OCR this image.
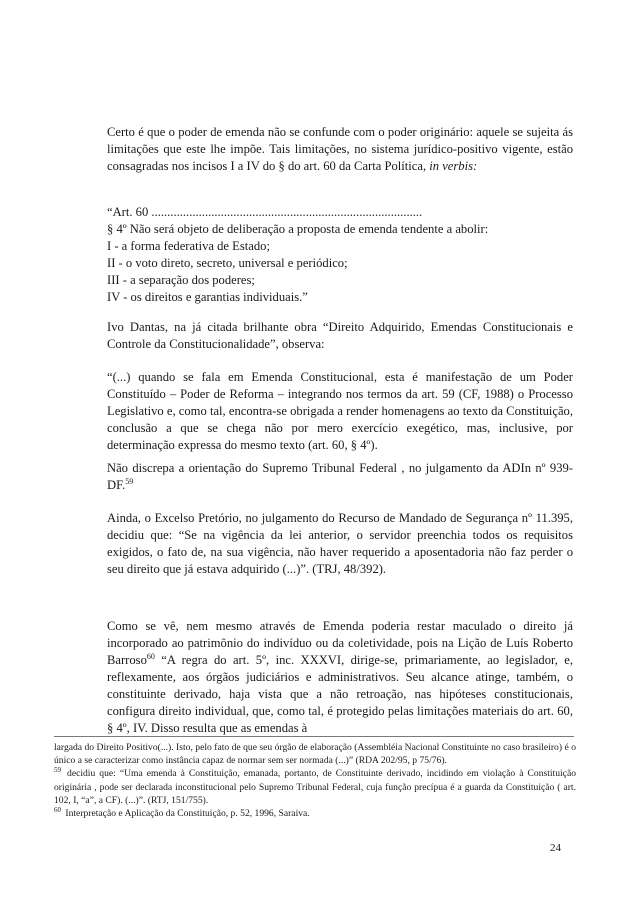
Certo é que o poder de emenda não se confunde com o poder originário: aquele se sujeita ás limitações que este lhe impõe. Tais limitações, no sistema jurídico-positivo vigente, estão consagradas nos incisos I a IV do § do art. 60 da Carta Política, in verbis:

“Art. 60 ......................................................................................
§ 4º Não será objeto de deliberação a proposta de emenda tendente a abolir:
I - a forma federativa de Estado;
II - o voto direto, secreto, universal e periódico;
III - a separação dos poderes;
IV - os direitos e garantias individuais.”

Ivo Dantas, na já citada brilhante obra “Direito Adquirido, Emendas Constitucionais e Controle da Constitucionalidade”, observa:

“(...) quando se fala em Emenda Constitucional, esta é manifestação de um Poder Constituído – Poder de Reforma – integrando nos termos da art. 59 (CF, 1988) o Processo Legislativo e, como tal, encontra-se obrigada a render homenagens ao texto da Constituição, conclusão a que se chega não por mero exercício exegético, mas, inclusive, por determinação expressa do mesmo texto (art. 60, § 4º).

Não discrepa a orientação do Supremo Tribunal Federal , no julgamento da ADIn nº 939-DF.$^{59}$

Ainda, o Excelso Pretório, no julgamento do Recurso de Mandado de Segurança nº 11.395, decidiu que: “Se na vigência da lei anterior, o servidor preenchia todos os requisitos exigidos, o fato de, na sua vigência, não haver requerido a aposentadoria não faz perder o seu direito que já estava adquirido (...)”. (TRJ, 48/392).

Como se vê, nem mesmo através de Emenda poderia restar maculado o direito já incorporado ao patrimônio do indivíduo ou da coletividade, pois na Lição de Luís Roberto Barroso$^{60}$ “A regra do art. 5º, inc. XXXVI, dirige-se, primariamente, ao legislador, e, reflexamente, aos órgãos judiciários e administrativos. Seu alcance atinge, também, o constituinte derivado, haja vista que a não retroação, nas hipóteses constitucionais, configura direito individual, que, como tal, é protegido pelas limitações materiais do art. 60, § 4º, IV. Disso resulta que as emendas à

largada do Direito Positivo(...). Isto, pelo fato de que seu órgão de elaboração (Assembléia Nacional Constituinte no caso brasileiro) é o único a se caracterizar como instância capaz de normar sem ser normada (...)” (RDA 202/95, p 75/76).

$^{59}$ decidiu que: “Uma emenda à Constituição, emanada, portanto, de Constituinte derivado, incidindo em violação à Constituição originária , pode ser declarada inconstitucional pelo Supremo Tribunal Federal, cuja função precípua é a guarda da Constituição ( art. 102, I, “a”, a CF). (...)”. (RTJ, 151/755).

$^{60}$ Interpretação e Aplicação da Constituição, p. 52, 1996, Saraiva.

24
